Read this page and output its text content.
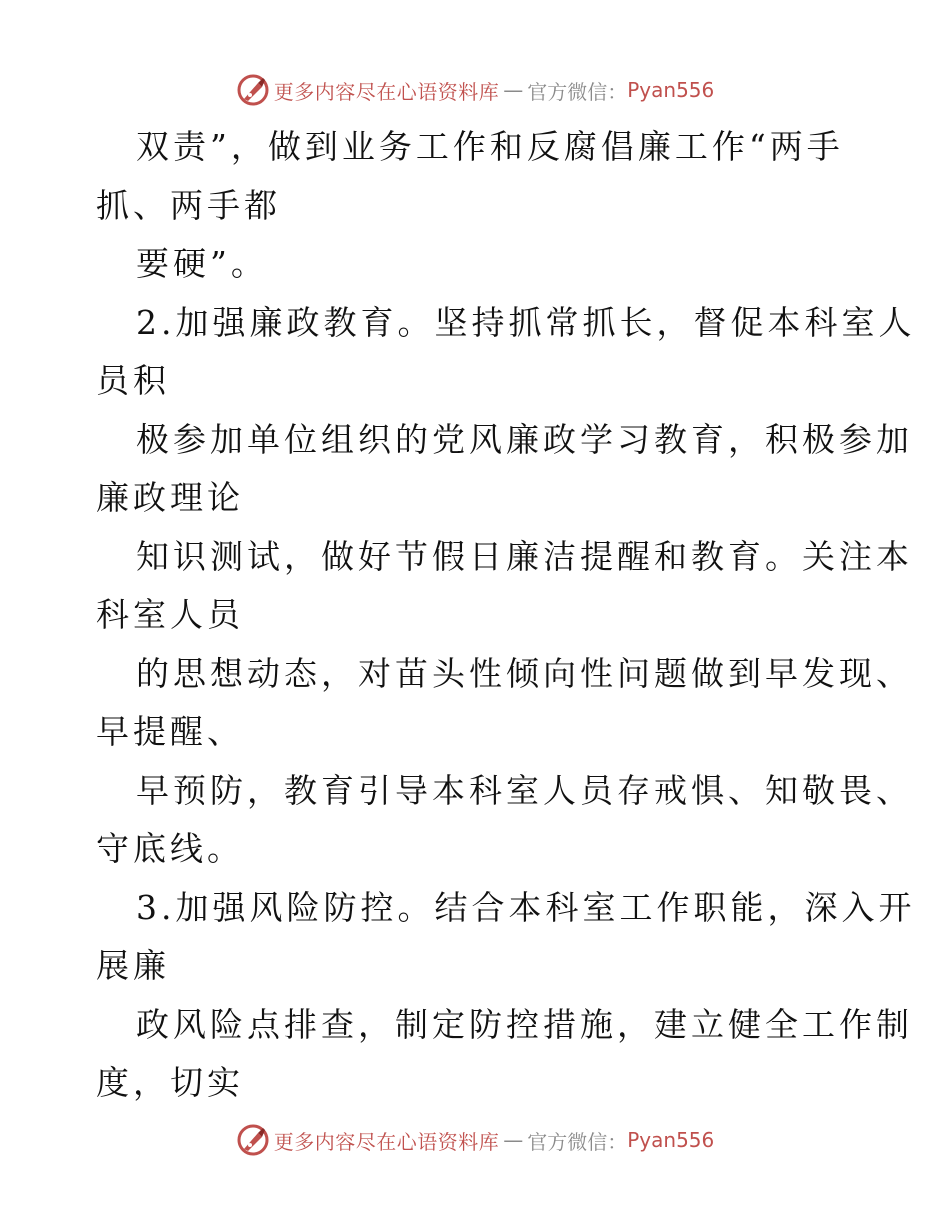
更多内容尽在心语资料库 — 官方微信： Pyan556
双责”，做到业务工作和反腐倡廉工作“两手
抓、两手都
要硬”。
2.加强廉政教育。坚持抓常抓长，督促本科室人
员积
极参加单位组织的党风廉政学习教育，积极参加
廉政理论
知识测试，做好节假日廉洁提醒和教育。关注本
科室人员
的思想动态，对苗头性倾向性问题做到早发现、
早提醒、
早预防，教育引导本科室人员存戒惧、知敬畏、
守底线。
3.加强风险防控。结合本科室工作职能，深入开
展廉
政风险点排查，制定防控措施，建立健全工作制
度，切实
更多内容尽在心语资料库 — 官方微信： Pyan556
